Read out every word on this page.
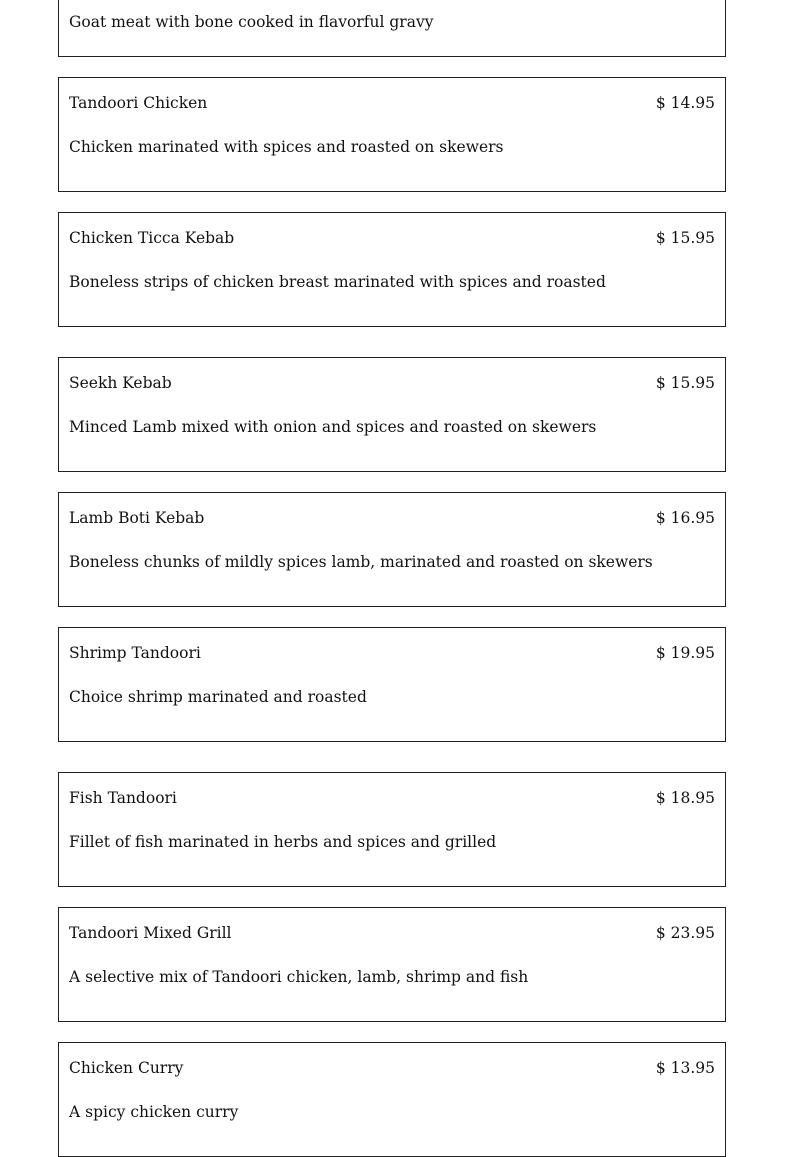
Goat meat with bone cooked in flavorful gravy
Tandoori Chicken	$ 14.95
Chicken marinated with spices and roasted on skewers
Chicken Ticca Kebab	$ 15.95
Boneless strips of chicken breast marinated with spices and roasted
Seekh Kebab	$ 15.95
Minced Lamb mixed with onion and spices and roasted on skewers
Lamb Boti Kebab	$ 16.95
Boneless chunks of mildly spices lamb, marinated and roasted on skewers
Shrimp Tandoori	$ 19.95
Choice shrimp marinated and roasted
Fish Tandoori	$ 18.95
Fillet of fish marinated in herbs and spices and grilled
Tandoori Mixed Grill	$ 23.95
A selective mix of Tandoori chicken, lamb, shrimp and fish
Chicken Curry	$ 13.95
A spicy chicken curry
